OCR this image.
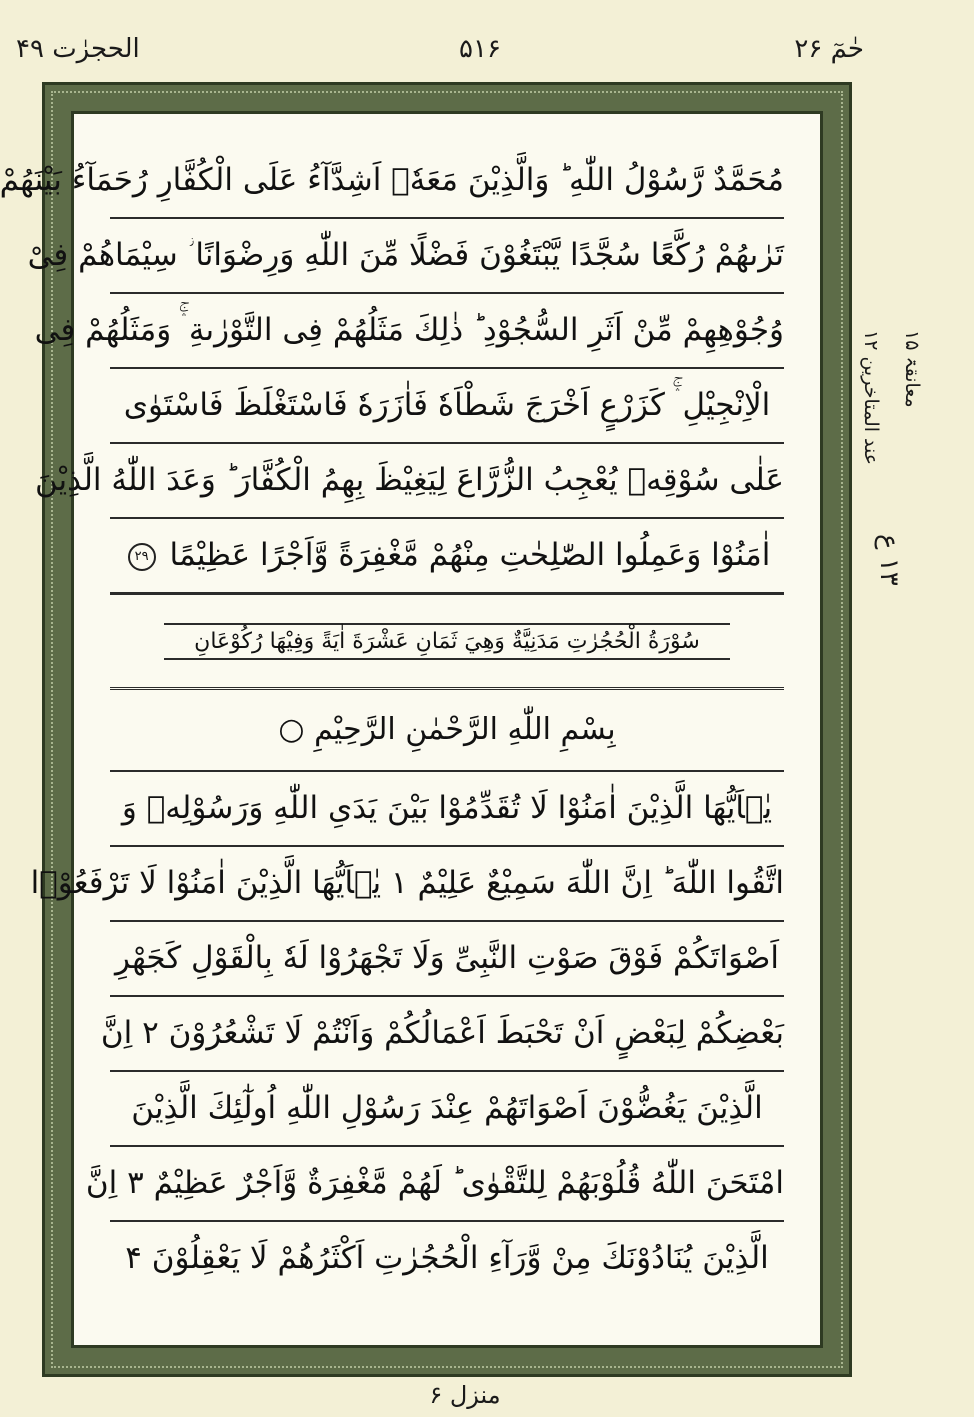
الحجرٰت ۴۹	۵۱۶	حٰمٓ ۲۶
مُحَمَّدٌ رَّسُوْلُ اللّٰهِ ؕ وَالَّذِيْنَ مَعَهٗۤ اَشِدَّآءُ عَلَى الْكُفَّارِ رُحَمَآءُ بَيْنَهُمْ
تَرٰىهُمْ رُكَّعًا سُجَّدًا يَّبْتَغُوْنَ فَضْلًا مِّنَ اللّٰهِ وَرِضْوَانًا ؗ سِيْمَاهُمْ فِىْ
وُجُوْهِهِمْ مِّنْ اَثَرِ السُّجُوْدِ ؕ ذٰلِكَ مَثَلُهُمْ فِى التَّوْرٰىةِ ۛۚ وَمَثَلُهُمْ فِى
الْاِنْجِيْلِ ۛۚ كَزَرْعٍ اَخْرَجَ شَطْاَهٗ فَاٰزَرَهٗ فَاسْتَغْلَظَ فَاسْتَوٰى
عَلٰى سُوْقِهٖ يُعْجِبُ الزُّرَّاعَ لِيَغِيْظَ بِهِمُ الْكُفَّارَ ؕ وَعَدَ اللّٰهُ الَّذِيْنَ
اٰمَنُوْا وَعَمِلُوا الصّٰلِحٰتِ مِنْهُمْ مَّغْفِرَةً وَّاَجْرًا عَظِيْمًا ۲۹
سُوْرَةُ الْحُجُرٰتِ مَدَنِيَّةٌ وَهِيَ ثَمَانِ عَشْرَةَ اٰيَةً وَفِيْهَا رُكُوْعَانِ
بِسْمِ اللّٰهِ الرَّحْمٰنِ الرَّحِيْمِ ○
يٰۤاَيُّهَا الَّذِيْنَ اٰمَنُوْا لَا تُقَدِّمُوْا بَيْنَ يَدَىِ اللّٰهِ وَرَسُوْلِهٖ وَ
اتَّقُوا اللّٰهَ ؕ اِنَّ اللّٰهَ سَمِيْعٌ عَلِيْمٌ ۱ يٰۤاَيُّهَا الَّذِيْنَ اٰمَنُوْا لَا تَرْفَعُوْۤا
اَصْوَاتَكُمْ فَوْقَ صَوْتِ النَّبِىِّ وَلَا تَجْهَرُوْا لَهٗ بِالْقَوْلِ كَجَهْرِ
بَعْضِكُمْ لِبَعْضٍ اَنْ تَحْبَطَ اَعْمَالُكُمْ وَاَنْتُمْ لَا تَشْعُرُوْنَ ۲ اِنَّ
الَّذِيْنَ يَغُضُّوْنَ اَصْوَاتَهُمْ عِنْدَ رَسُوْلِ اللّٰهِ اُولٰٓئِكَ الَّذِيْنَ
امْتَحَنَ اللّٰهُ قُلُوْبَهُمْ لِلتَّقْوٰى ؕ لَهُمْ مَّغْفِرَةٌ وَّاَجْرٌ عَظِيْمٌ ۳ اِنَّ
الَّذِيْنَ يُنَادُوْنَكَ مِنْ وَّرَآءِ الْحُجُرٰتِ اَكْثَرُهُمْ لَا يَعْقِلُوْنَ ۴
معانقۃ ۱۵
عند المتاخرین ۱۲
۱۳ ع
منزل ۶
